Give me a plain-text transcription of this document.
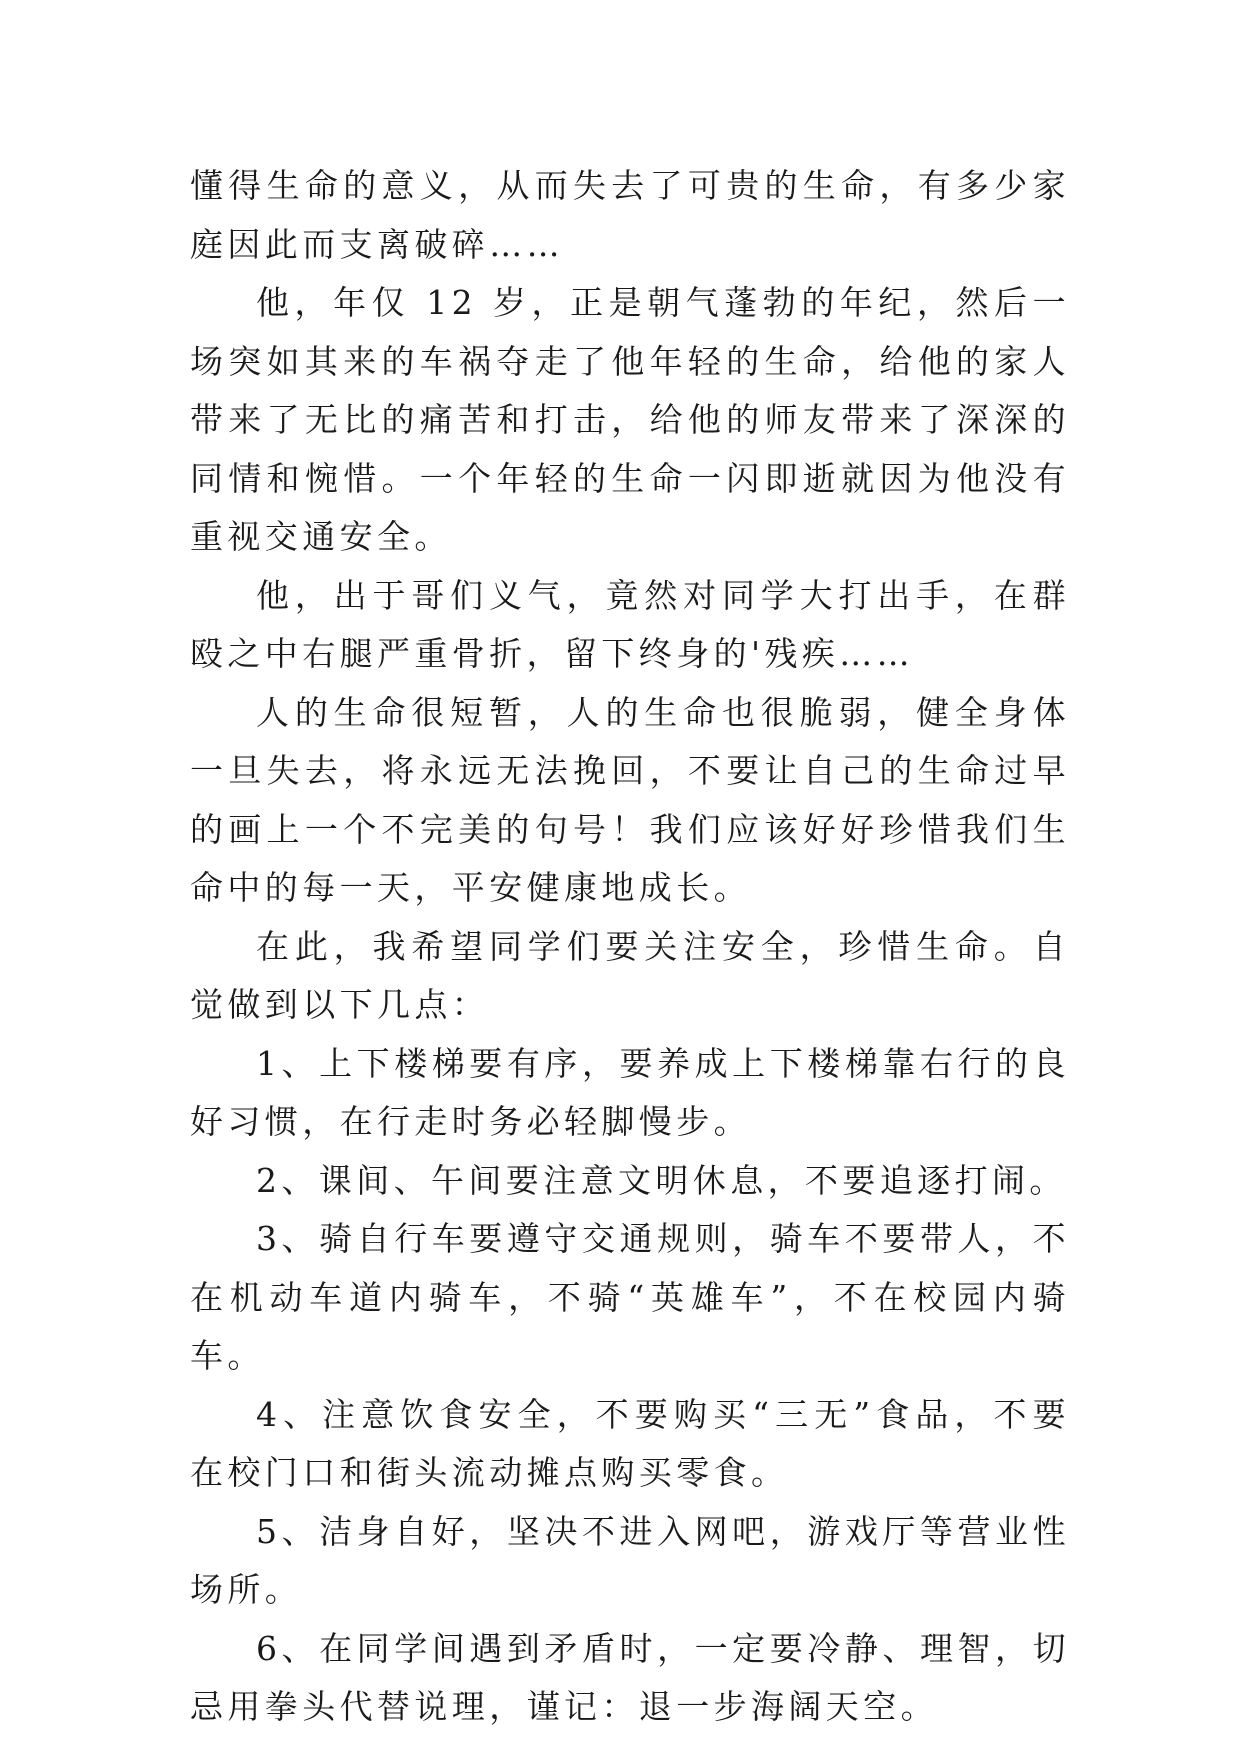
懂得生命的意义，从而失去了可贵的生命，有多少家庭因此而支离破碎……

他，年仅 12 岁，正是朝气蓬勃的年纪，然后一场突如其来的车祸夺走了他年轻的生命，给他的家人带来了无比的痛苦和打击，给他的师友带来了深深的同情和惋惜。一个年轻的生命一闪即逝就因为他没有重视交通安全。

他，出于哥们义气，竟然对同学大打出手，在群殴之中右腿严重骨折，留下终身的'残疾……

人的生命很短暂，人的生命也很脆弱，健全身体一旦失去，将永远无法挽回，不要让自己的生命过早的画上一个不完美的句号！我们应该好好珍惜我们生命中的每一天，平安健康地成长。

在此，我希望同学们要关注安全，珍惜生命。自觉做到以下几点：

1、上下楼梯要有序，要养成上下楼梯靠右行的良好习惯，在行走时务必轻脚慢步。

2、课间、午间要注意文明休息，不要追逐打闹。

3、骑自行车要遵守交通规则，骑车不要带人，不在机动车道内骑车，不骑“英雄车”，不在校园内骑车。

4、注意饮食安全，不要购买“三无”食品，不要在校门口和街头流动摊点购买零食。

5、洁身自好，坚决不进入网吧，游戏厅等营业性场所。

6、在同学间遇到矛盾时，一定要冷静、理智，切忌用拳头代替说理，谨记：退一步海阔天空。
